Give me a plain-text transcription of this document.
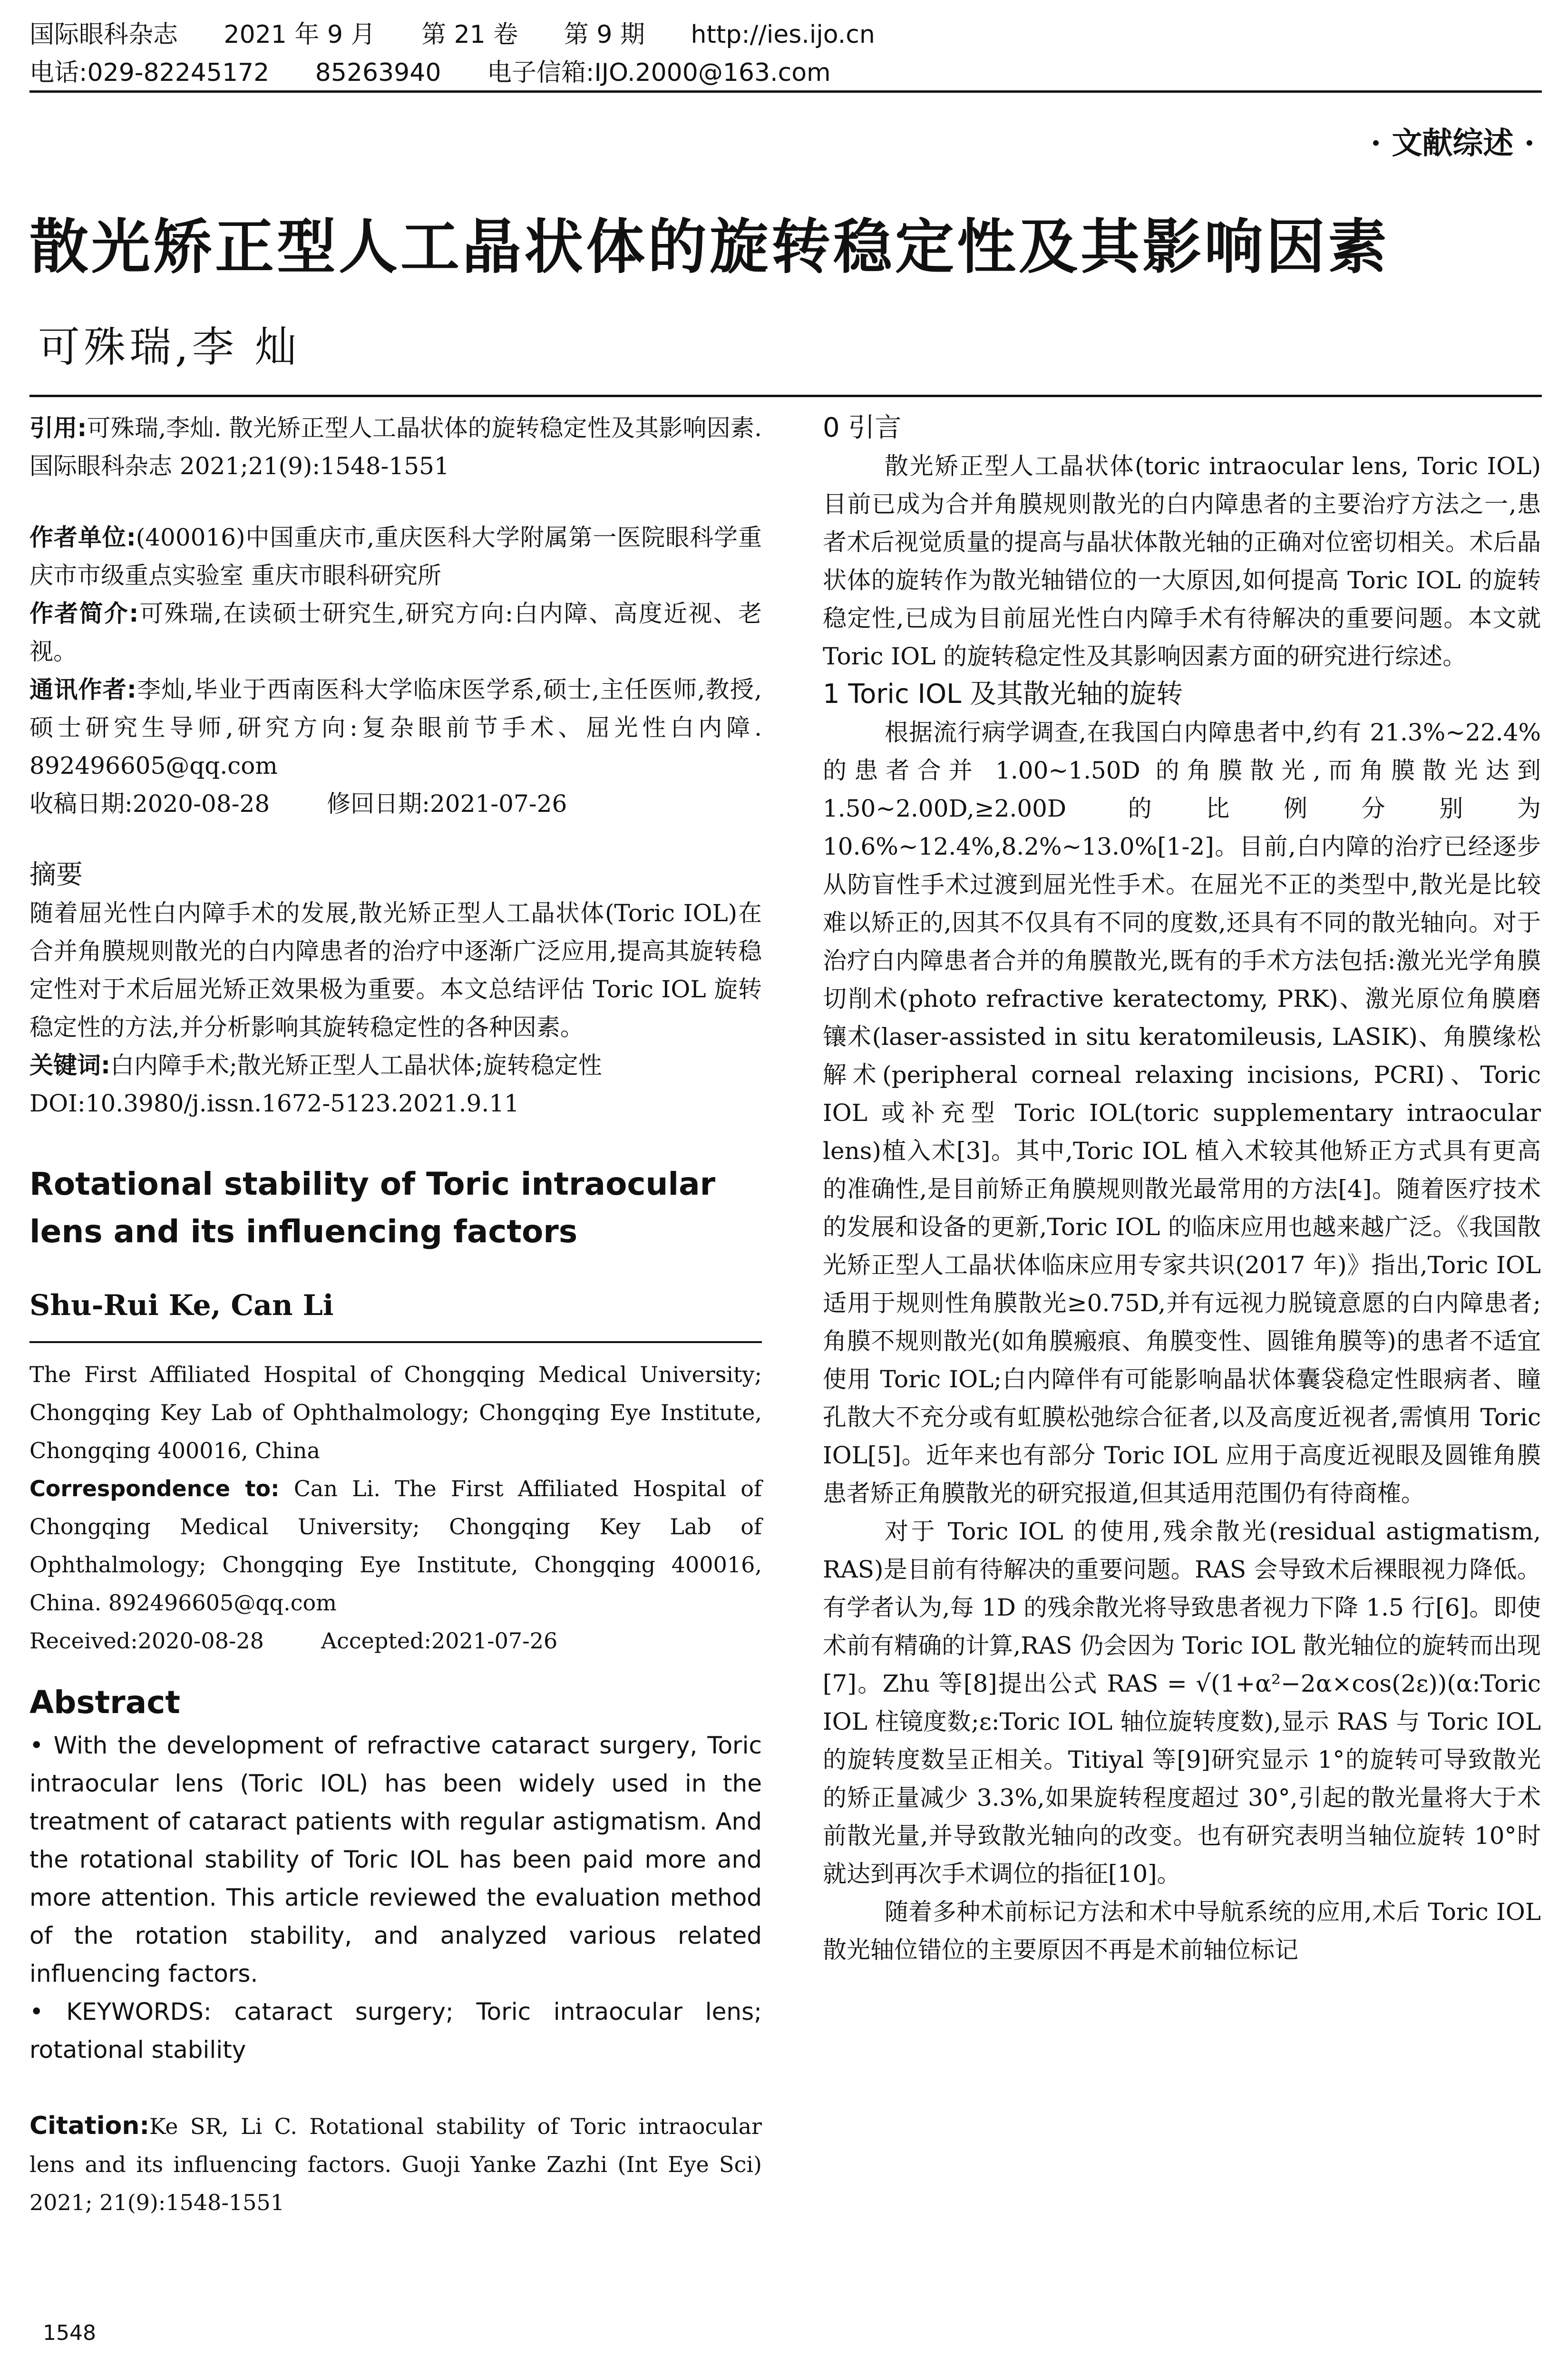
国际眼科杂志 2021 年 9 月 第 21 卷 第 9 期 http://ies.ijo.cn
电话:029-82245172 85263940 电子信箱:IJO.2000@163.com
· 文献综述 ·
散光矫正型人工晶状体的旋转稳定性及其影响因素
可殊瑞,李 灿

引用:可殊瑞,李灿. 散光矫正型人工晶状体的旋转稳定性及其影响因素. 国际眼科杂志 2021;21(9):1548-1551

作者单位:(400016)中国重庆市,重庆医科大学附属第一医院眼科学重庆市市级重点实验室 重庆市眼科研究所

作者简介:可殊瑞,在读硕士研究生,研究方向:白内障、高度近视、老视。

通讯作者:李灿,毕业于西南医科大学临床医学系,硕士,主任医师,教授,硕士研究生导师,研究方向:复杂眼前节手术、屈光性白内障. 892496605@qq.com

收稿日期:2020-08-28 修回日期:2021-07-26

摘要

随着屈光性白内障手术的发展,散光矫正型人工晶状体(Toric IOL)在合并角膜规则散光的白内障患者的治疗中逐渐广泛应用,提高其旋转稳定性对于术后屈光矫正效果极为重要。本文总结评估 Toric IOL 旋转稳定性的方法,并分析影响其旋转稳定性的各种因素。

关键词:白内障手术;散光矫正型人工晶状体;旋转稳定性

DOI:10.3980/j.issn.1672-5123.2021.9.11

Rotational stability of Toric intraocular lens and its influencing factors

Shu-Rui Ke, Can Li

The First Affiliated Hospital of Chongqing Medical University; Chongqing Key Lab of Ophthalmology; Chongqing Eye Institute, Chongqing 400016, China

Correspondence to: Can Li. The First Affiliated Hospital of Chongqing Medical University; Chongqing Key Lab of Ophthalmology; Chongqing Eye Institute, Chongqing 400016, China. 892496605@qq.com

Received:2020-08-28	Accepted:2021-07-26

Abstract

• With the development of refractive cataract surgery, Toric intraocular lens (Toric IOL) has been widely used in the treatment of cataract patients with regular astigmatism. And the rotational stability of Toric IOL has been paid more and more attention. This article reviewed the evaluation method of the rotation stability, and analyzed various related influencing factors.

• KEYWORDS: cataract surgery; Toric intraocular lens; rotational stability

Citation:Ke SR, Li C. Rotational stability of Toric intraocular lens and its influencing factors. Guoji Yanke Zazhi (Int Eye Sci) 2021; 21(9):1548-1551

0 引言

散光矫正型人工晶状体(toric intraocular lens, Toric IOL)目前已成为合并角膜规则散光的白内障患者的主要治疗方法之一,患者术后视觉质量的提高与晶状体散光轴的正确对位密切相关。术后晶状体的旋转作为散光轴错位的一大原因,如何提高 Toric IOL 的旋转稳定性,已成为目前屈光性白内障手术有待解决的重要问题。本文就 Toric IOL 的旋转稳定性及其影响因素方面的研究进行综述。

1 Toric IOL 及其散光轴的旋转

根据流行病学调查,在我国白内障患者中,约有 21.3%~22.4%的患者合并 1.00~1.50D 的角膜散光,而角膜散光达到 1.50~2.00D,≥2.00D 的比例分别为 10.6%~12.4%,8.2%~13.0%[1-2]。目前,白内障的治疗已经逐步从防盲性手术过渡到屈光性手术。在屈光不正的类型中,散光是比较难以矫正的,因其不仅具有不同的度数,还具有不同的散光轴向。对于治疗白内障患者合并的角膜散光,既有的手术方法包括:激光光学角膜切削术(photo refractive keratectomy, PRK)、激光原位角膜磨镶术(laser-assisted in situ keratomileusis, LASIK)、角膜缘松解术(peripheral corneal relaxing incisions, PCRI)、Toric IOL 或补充型 Toric IOL(toric supplementary intraocular lens)植入术[3]。其中,Toric IOL 植入术较其他矫正方式具有更高的准确性,是目前矫正角膜规则散光最常用的方法[4]。随着医疗技术的发展和设备的更新,Toric IOL 的临床应用也越来越广泛。《我国散光矫正型人工晶状体临床应用专家共识(2017 年)》指出,Toric IOL 适用于规则性角膜散光≥0.75D,并有远视力脱镜意愿的白内障患者;角膜不规则散光(如角膜瘢痕、角膜变性、圆锥角膜等)的患者不适宜使用 Toric IOL;白内障伴有可能影响晶状体囊袋稳定性眼病者、瞳孔散大不充分或有虹膜松弛综合征者,以及高度近视者,需慎用 Toric IOL[5]。近年来也有部分 Toric IOL 应用于高度近视眼及圆锥角膜患者矫正角膜散光的研究报道,但其适用范围仍有待商榷。

对于 Toric IOL 的使用,残余散光(residual astigmatism, RAS)是目前有待解决的重要问题。RAS 会导致术后裸眼视力降低。有学者认为,每 1D 的残余散光将导致患者视力下降 1.5 行[6]。即使术前有精确的计算,RAS 仍会因为 Toric IOL 散光轴位的旋转而出现[7]。Zhu 等[8]提出公式 RAS = √(1+α²−2α×cos(2ε))(α:Toric IOL 柱镜度数;ε:Toric IOL 轴位旋转度数),显示 RAS 与 Toric IOL 的旋转度数呈正相关。Titiyal 等[9]研究显示 1°的旋转可导致散光的矫正量减少 3.3%,如果旋转程度超过 30°,引起的散光量将大于术前散光量,并导致散光轴向的改变。也有研究表明当轴位旋转 10°时就达到再次手术调位的指征[10]。

随着多种术前标记方法和术中导航系统的应用,术后 Toric IOL 散光轴位错位的主要原因不再是术前轴位标记

1548
